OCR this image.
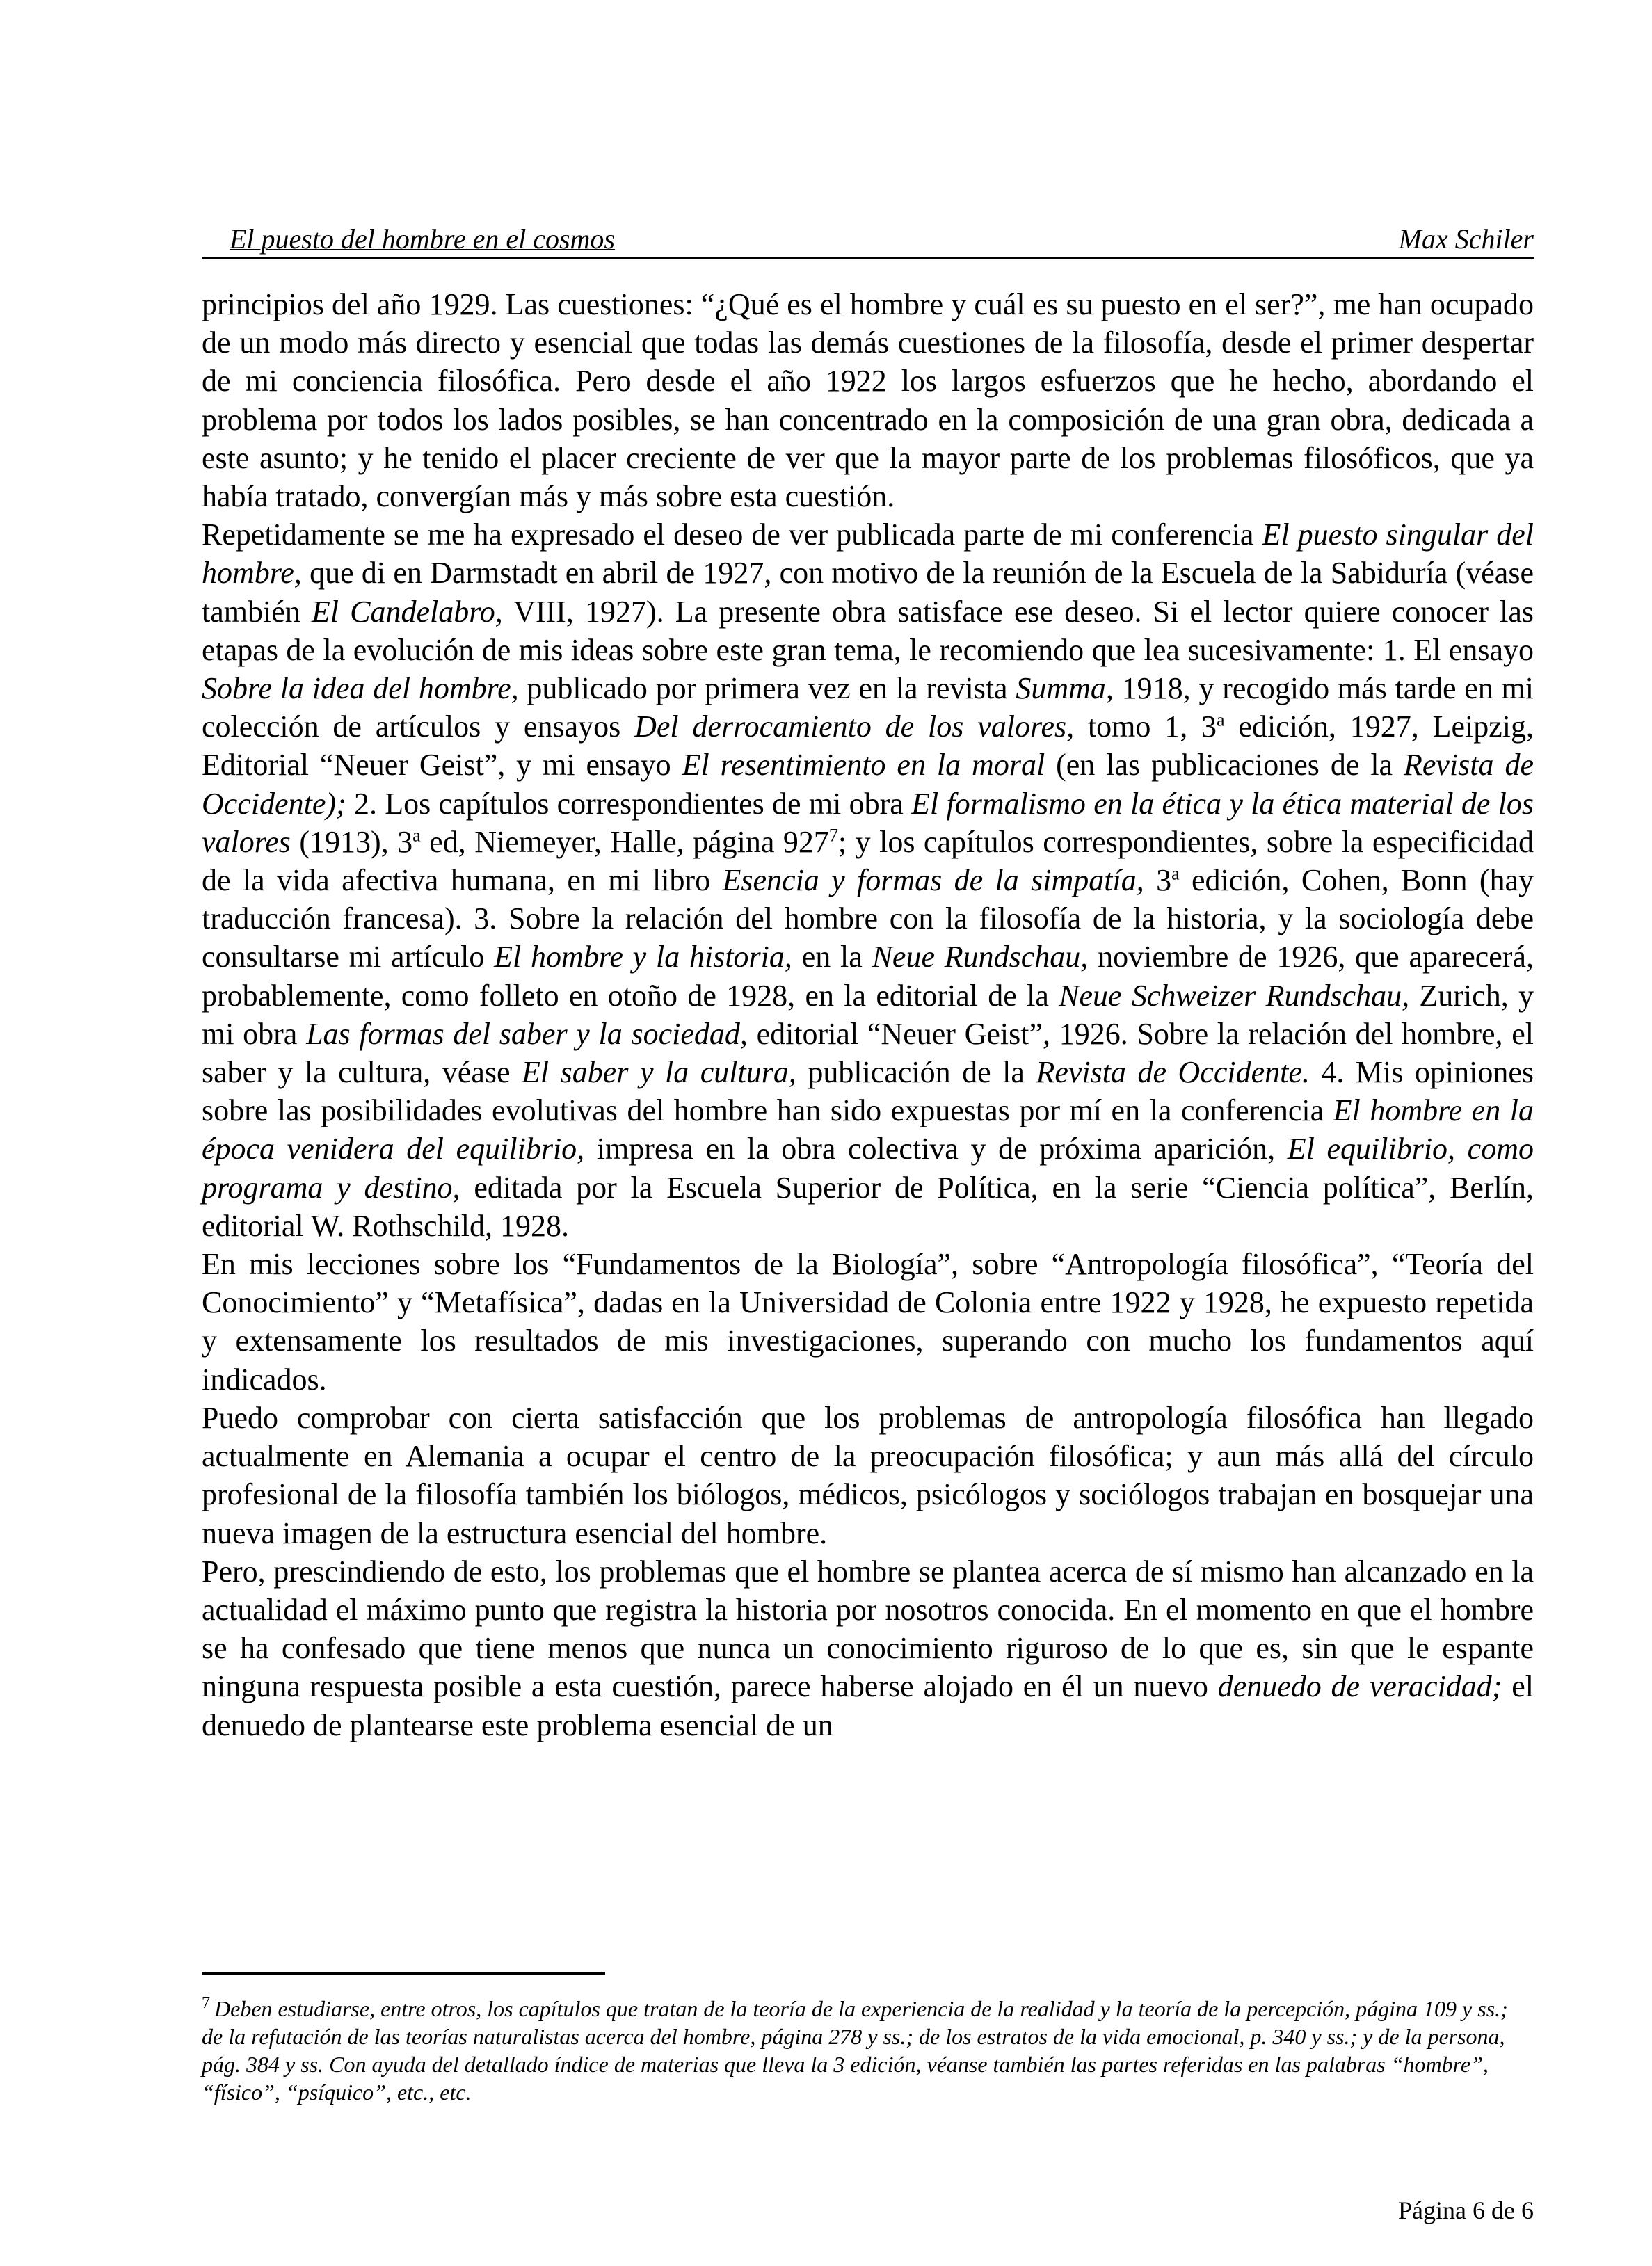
El puesto del hombre en el cosmos	Max Schiler

principios del año 1929. Las cuestiones: “¿Qué es el hombre y cuál es su puesto en el ser?”, me han ocupado de un modo más directo y esencial que todas las demás cuestiones de la filosofía, desde el primer despertar de mi conciencia filosófica. Pero desde el año 1922 los largos esfuerzos que he hecho, abordando el problema por todos los lados posibles, se han concentrado en la composición de una gran obra, dedicada a este asunto; y he tenido el placer creciente de ver que la mayor parte de los problemas filosóficos, que ya había tratado, convergían más y más sobre esta cuestión.

Repetidamente se me ha expresado el deseo de ver publicada parte de mi conferencia El puesto singular del hombre, que di en Darmstadt en abril de 1927, con motivo de la reunión de la Escuela de la Sabiduría (véase también El Candelabro, VIII, 1927). La presente obra satisface ese deseo. Si el lector quiere conocer las etapas de la evolución de mis ideas sobre este gran tema, le recomiendo que lea sucesivamente: 1. El ensayo Sobre la idea del hombre, publicado por primera vez en la revista Summa, 1918, y recogido más tarde en mi colección de artículos y ensayos Del derrocamiento de los valores, tomo 1, 3$^a$ edición, 1927, Leipzig, Editorial “Neuer Geist”, y mi ensayo El resentimiento en la moral (en las publicaciones de la Revista de Occidente); 2. Los capítulos correspondientes de mi obra El formalismo en la ética y la ética material de los valores (1913), 3$^a$ ed, Niemeyer, Halle, página $927^7$; y los capítulos correspondientes, sobre la especificidad de la vida afectiva humana, en mi libro Esencia y formas de la simpatía, 3$^a$ edición, Cohen, Bonn (hay traducción francesa). 3. Sobre la relación del hombre con la filosofía de la historia, y la sociología debe consultarse mi artículo El hombre y la historia, en la Neue Rundschau, noviembre de 1926, que aparecerá, probablemente, como folleto en otoño de 1928, en la editorial de la Neue Schweizer Rundschau, Zurich, y mi obra Las formas del saber y la sociedad, editorial “Neuer Geist”, 1926. Sobre la relación del hombre, el saber y la cultura, véase El saber y la cultura, publicación de la Revista de Occidente. 4. Mis opiniones sobre las posibilidades evolutivas del hombre han sido expuestas por mí en la conferencia El hombre en la época venidera del equilibrio, impresa en la obra colectiva y de próxima aparición, El equilibrio, como programa y destino, editada por la Escuela Superior de Política, en la serie “Ciencia política”, Berlín, editorial W. Rothschild, 1928.

En mis lecciones sobre los “Fundamentos de la Biología”, sobre “Antropología filosófica”, “Teoría del Conocimiento” y “Metafísica”, dadas en la Universidad de Colonia entre 1922 y 1928, he expuesto repetida y extensamente los resultados de mis investigaciones, superando con mucho los fundamentos aquí indicados.

Puedo comprobar con cierta satisfacción que los problemas de antropología filosófica han llegado actualmente en Alemania a ocupar el centro de la preocupación filosófica; y aun más allá del círculo profesional de la filosofía también los biólogos, médicos, psicólogos y sociólogos trabajan en bosquejar una nueva imagen de la estructura esencial del hombre.

Pero, prescindiendo de esto, los problemas que el hombre se plantea acerca de sí mismo han alcanzado en la actualidad el máximo punto que registra la historia por nosotros conocida. En el momento en que el hombre se ha confesado que tiene menos que nunca un conocimiento riguroso de lo que es, sin que le espante ninguna respuesta posible a esta cuestión, parece haberse alojado en él un nuevo denuedo de veracidad; el denuedo de plantearse este problema esencial de un

$^7$ Deben estudiarse, entre otros, los capítulos que tratan de la teoría de la experiencia de la realidad y la teoría de la percepción, página 109 y ss.; de la refutación de las teorías naturalistas acerca del hombre, página 278 y ss.; de los estratos de la vida emocional, p. 340 y ss.; y de la persona, pág. 384 y ss. Con ayuda del detallado índice de materias que lleva la 3 edición, véanse también las partes referidas en las palabras “hombre”, “físico”, “psíquico”, etc., etc.
Página 6 de 6
